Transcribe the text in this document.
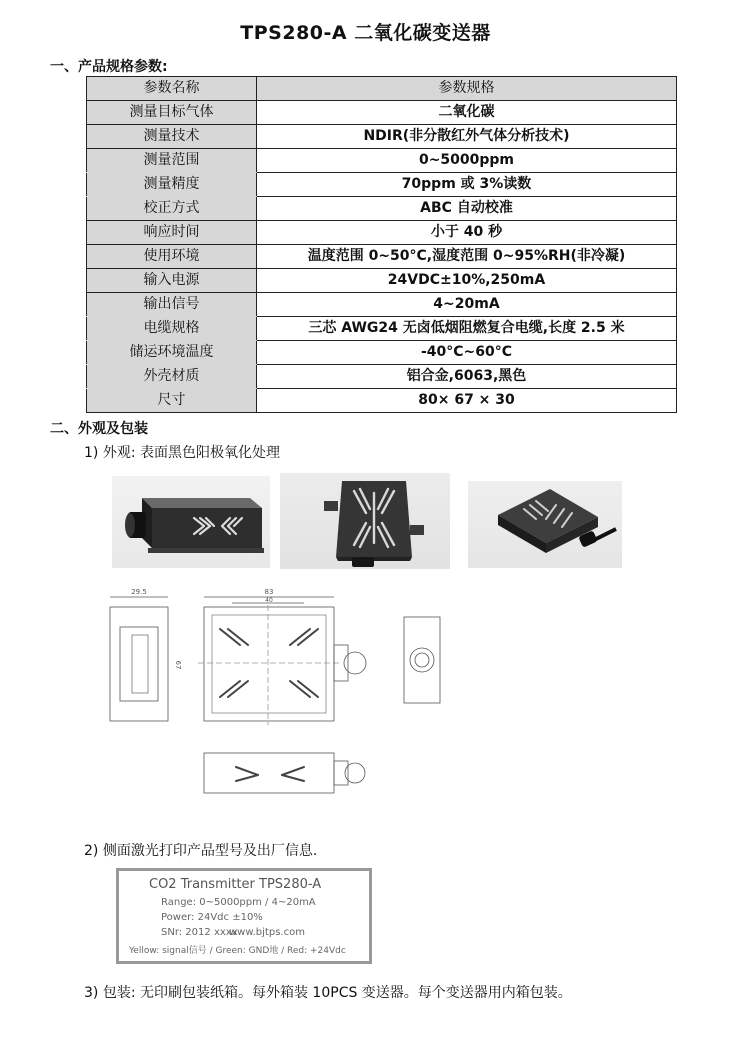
TPS280-A 二氧化碳变送器
一、产品规格参数:
参数名称	参数规格
测量目标气体	二氧化碳
测量技术	NDIR(非分散红外气体分析技术)
测量范围	0~5000ppm
测量精度	70ppm 或 3%读数
校正方式	ABC 自动校准
响应时间	小于 40 秒
使用环境	温度范围 0~50°C,湿度范围 0~95%RH(非冷凝)
输入电源	24VDC±10%,250mA
输出信号	4~20mA
电缆规格	三芯 AWG24 无卤低烟阻燃复合电缆,长度 2.5 米
储运环境温度	-40°C~60°C
外壳材质	铝合金,6063,黑色
尺寸	80× 67 × 30
二、外观及包装
1) 外观: 表面黑色阳极氧化处理
29.5	83
40
67
2) 侧面激光打印产品型号及出厂信息.
CO2 Transmitter TPS280-A
Range: 0~5000ppm / 4~20mA
Power: 24Vdc ±10%
SNr: 2012 xxxx
www.bjtps.com
Yellow: signal信号 / Green: GND地 / Red: +24Vdc
3) 包装: 无印刷包装纸箱。每外箱装 10PCS 变送器。每个变送器用内箱包装。
